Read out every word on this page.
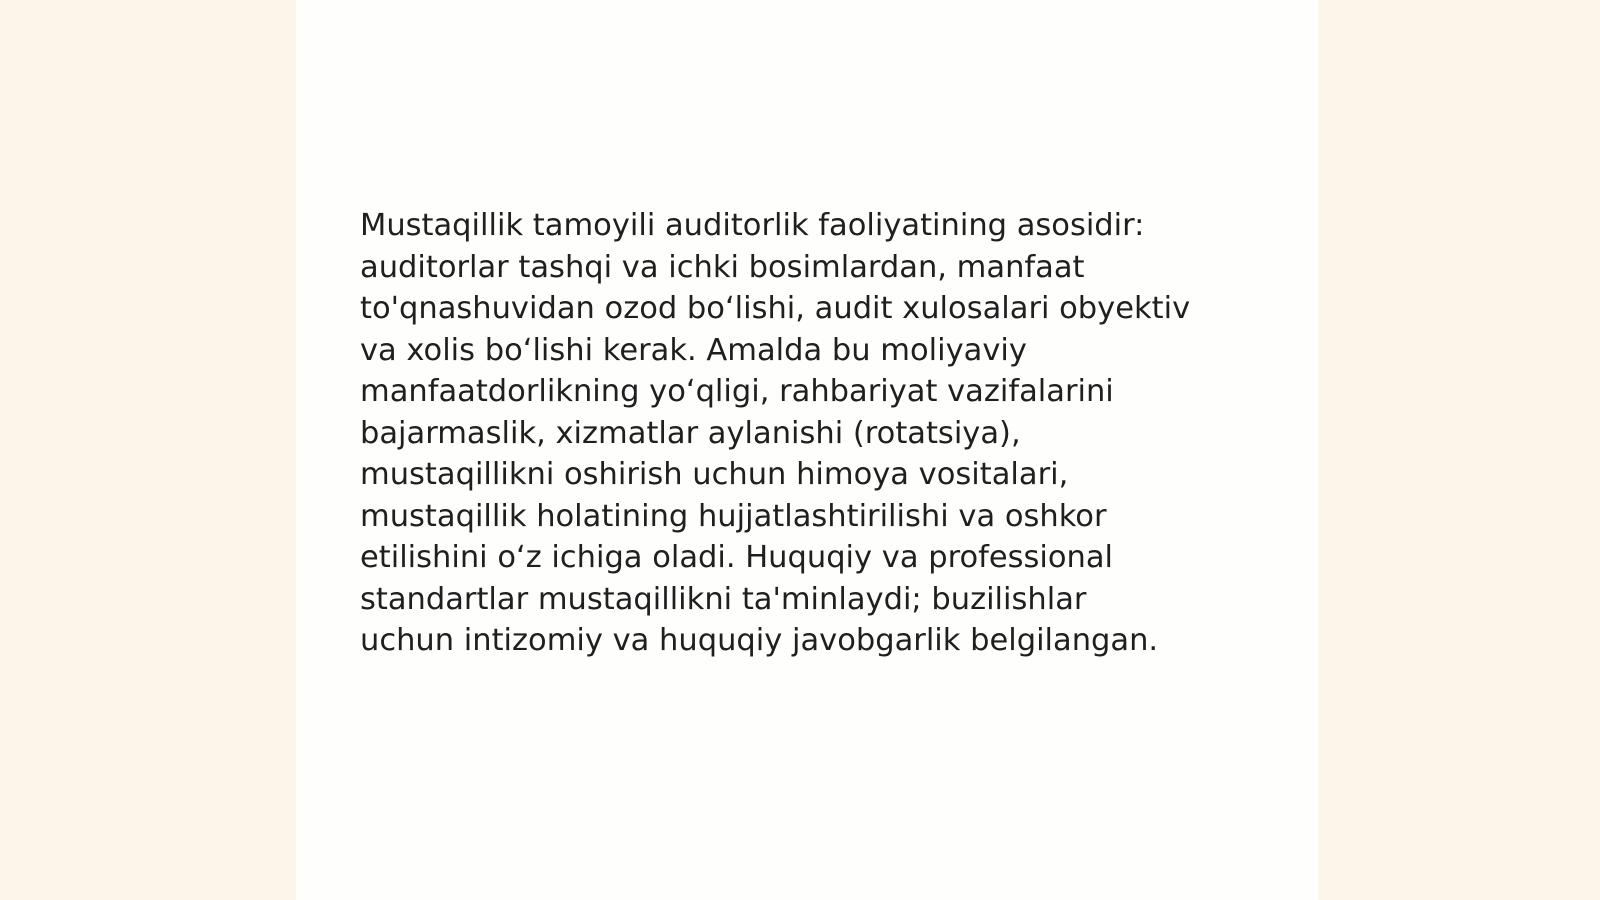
Mustaqillik tamoyili auditorlik faoliyatining asosidir:
auditorlar tashqi va ichki bosimlardan, manfaat
to'qnashuvidan ozod boʻlishi, audit xulosalari obyektiv
va xolis boʻlishi kerak. Amalda bu moliyaviy
manfaatdorlikning yoʻqligi, rahbariyat vazifalarini
bajarmaslik, xizmatlar aylanishi (rotatsiya),
mustaqillikni oshirish uchun himoya vositalari,
mustaqillik holatining hujjatlashtirilishi va oshkor
etilishini oʻz ichiga oladi. Huquqiy va professional
standartlar mustaqillikni ta'minlaydi; buzilishlar
uchun intizomiy va huquqiy javobgarlik belgilangan.
